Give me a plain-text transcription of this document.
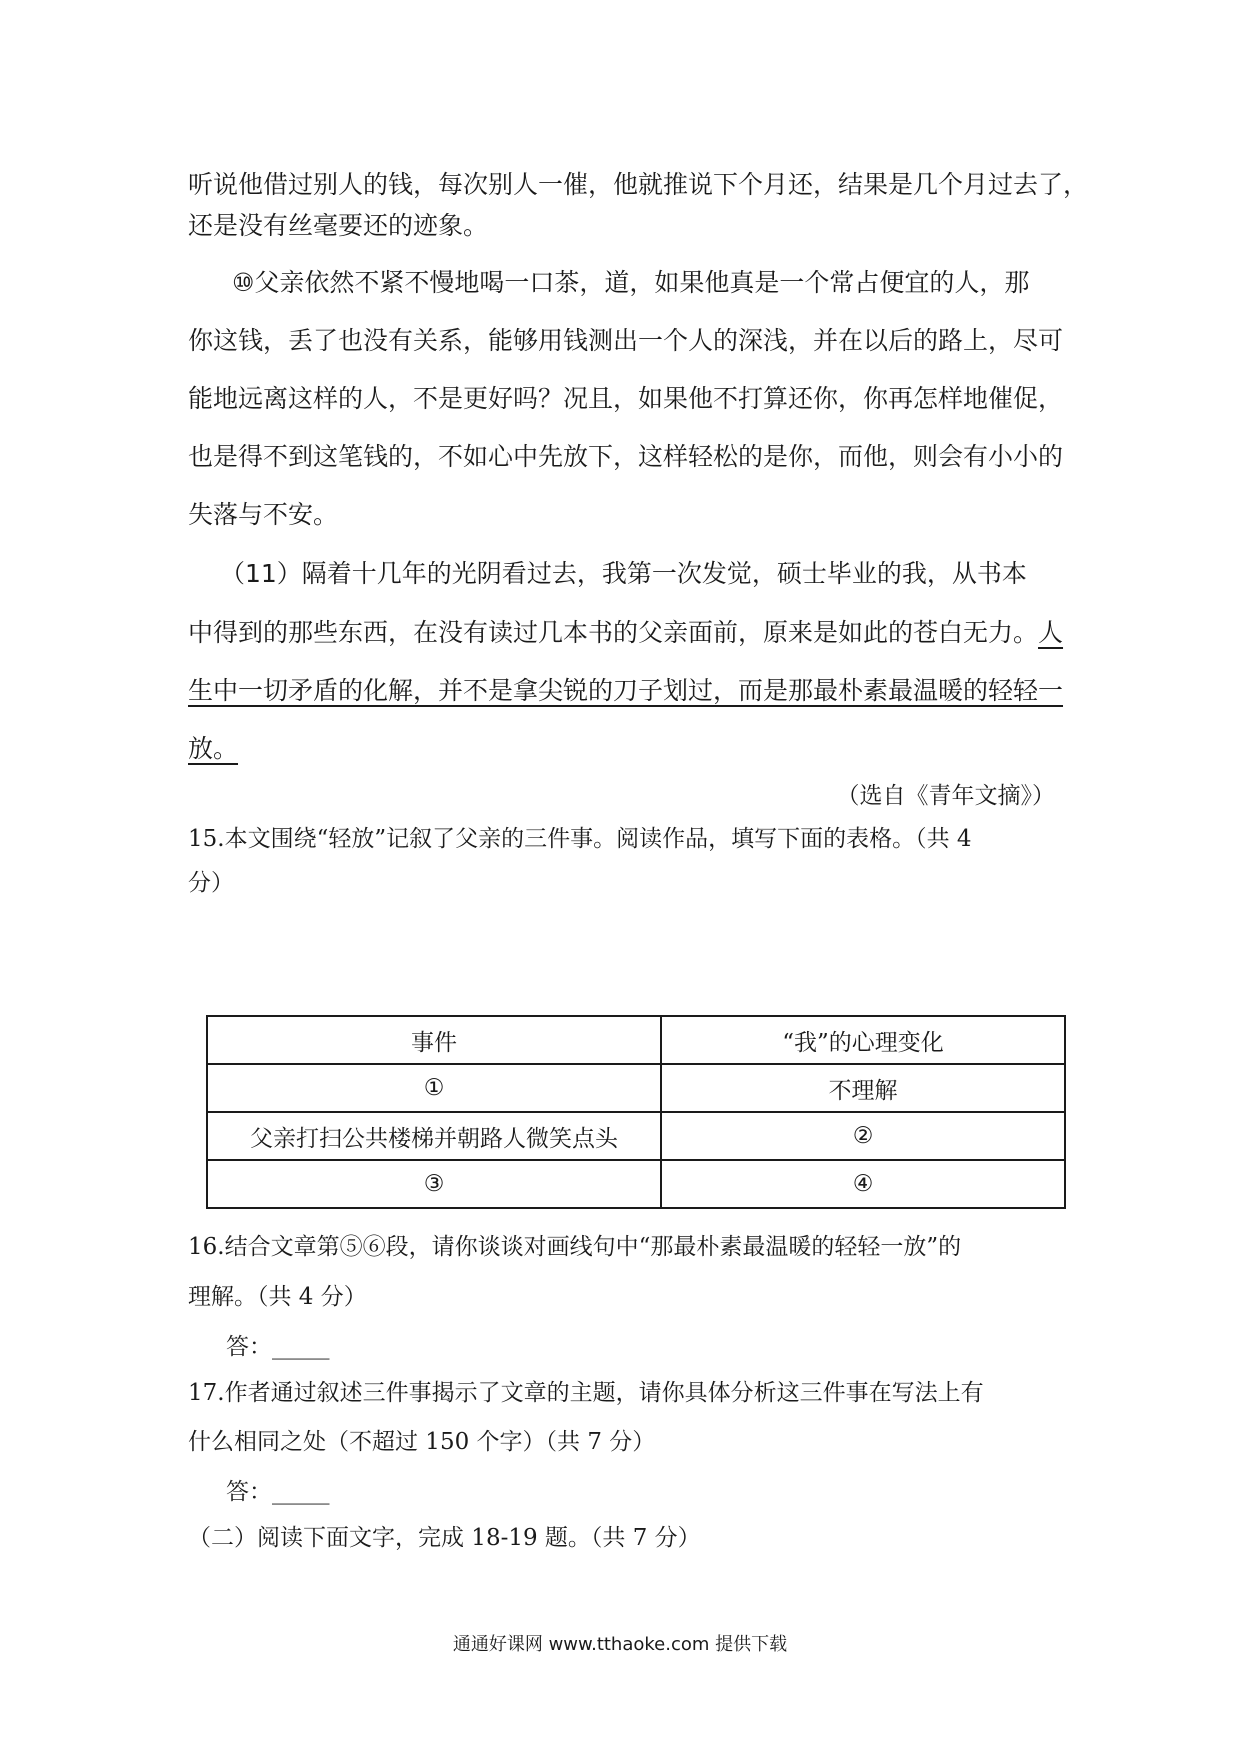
听说他借过别人的钱，每次别人一催，他就推说下个月还，结果是几个月过去了，
还是没有丝毫要还的迹象。
⑩父亲依然不紧不慢地喝一口茶，道，如果他真是一个常占便宜的人，那
你这钱，丢了也没有关系，能够用钱测出一个人的深浅，并在以后的路上，尽可
能地远离这样的人，不是更好吗？况且，如果他不打算还你，你再怎样地催促，
也是得不到这笔钱的，不如心中先放下，这样轻松的是你，而他，则会有小小的
失落与不安。
（11）隔着十几年的光阴看过去，我第一次发觉，硕士毕业的我，从书本
中得到的那些东西，在没有读过几本书的父亲面前，原来是如此的苍白无力。人
生中一切矛盾的化解，并不是拿尖锐的刀子划过，而是那最朴素最温暖的轻轻一
放。
（选自《青年文摘》）
15.本文围绕“轻放”记叙了父亲的三件事。阅读作品，填写下面的表格。（共 4
分）
事件	“我”的心理变化
①	不理解
父亲打扫公共楼梯并朝路人微笑点头	②
③	④
16.结合文章第⑤⑥段，请你谈谈对画线句中“那最朴素最温暖的轻轻一放”的
理解。（共 4 分）
答：_____
17.作者通过叙述三件事揭示了文章的主题，请你具体分析这三件事在写法上有
什么相同之处（不超过 150 个字）（共 7 分）
答：_____
（二）阅读下面文字，完成 18-19 题。（共 7 分）
通通好课网 www.tthaoke.com 提供下载
